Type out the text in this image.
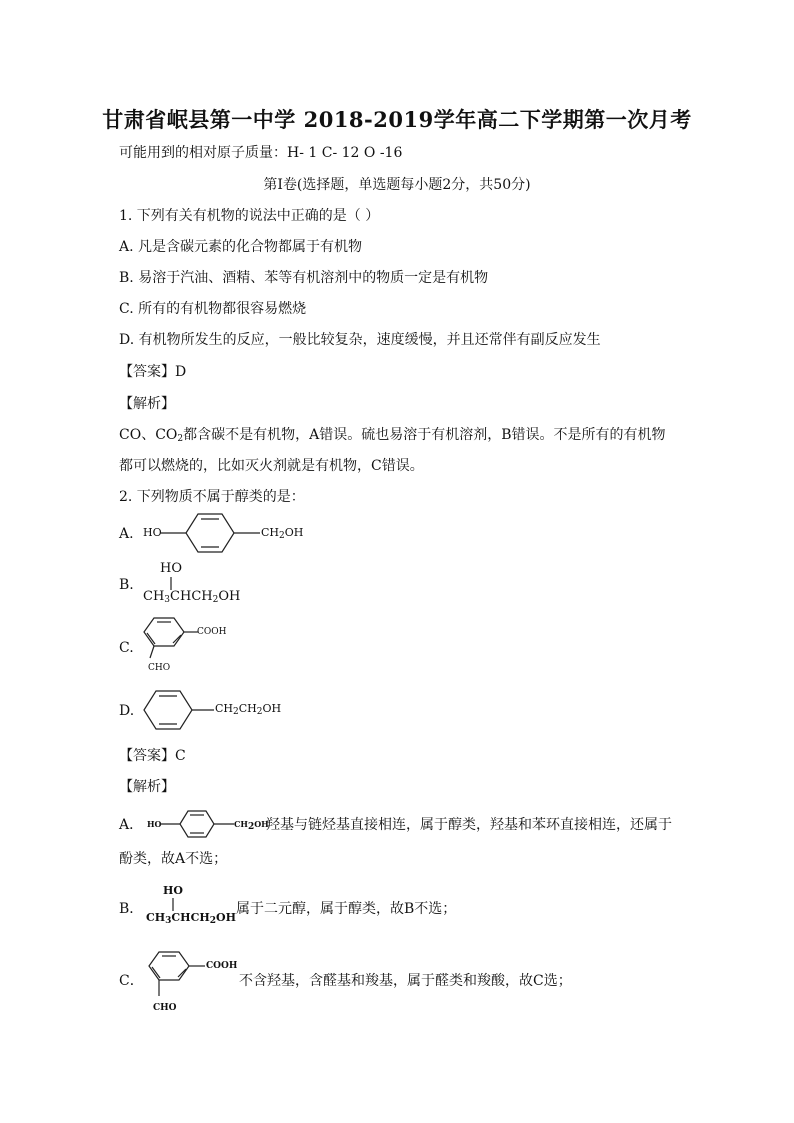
甘肃省岷县第一中学 2018-2019学年高二下学期第一次月考
可能用到的相对原子质量：H- 1 C- 12 O -16
第I卷(选择题，单选题每小题2分，共50分)
1. 下列有关有机物的说法中正确的是（ ）
A. 凡是含碳元素的化合物都属于有机物
B. 易溶于汽油、酒精、苯等有机溶剂中的物质一定是有机物
C. 所有的有机物都很容易燃烧
D. 有机物所发生的反应，一般比较复杂，速度缓慢，并且还常伴有副反应发生
【答案】D
【解析】
CO、$CO_2$都含碳不是有机物，A错误。硫也易溶于有机溶剂，B错误。不是所有的有机物
都可以燃烧的，比如灭火剂就是有机物，C错误。
2. 下列物质不属于醇类的是：
A. HO	$CH_2OH$
B.
HO
$CH_3CHCH_2OH$
C.
COOH
CHO
D.	$CH_2CH_2OH$
【答案】C
【解析】
A． HO	$CH_2OH$
羟基与链烃基直接相连，属于醇类，羟基和苯环直接相连，还属于
酚类，故A不选；
B．
HO
$CH_3CHCH_2OH$
属于二元醇，属于醇类，故B不选；
C．
COOH
CHO
不含羟基，含醛基和羧基，属于醛类和羧酸，故C选；
